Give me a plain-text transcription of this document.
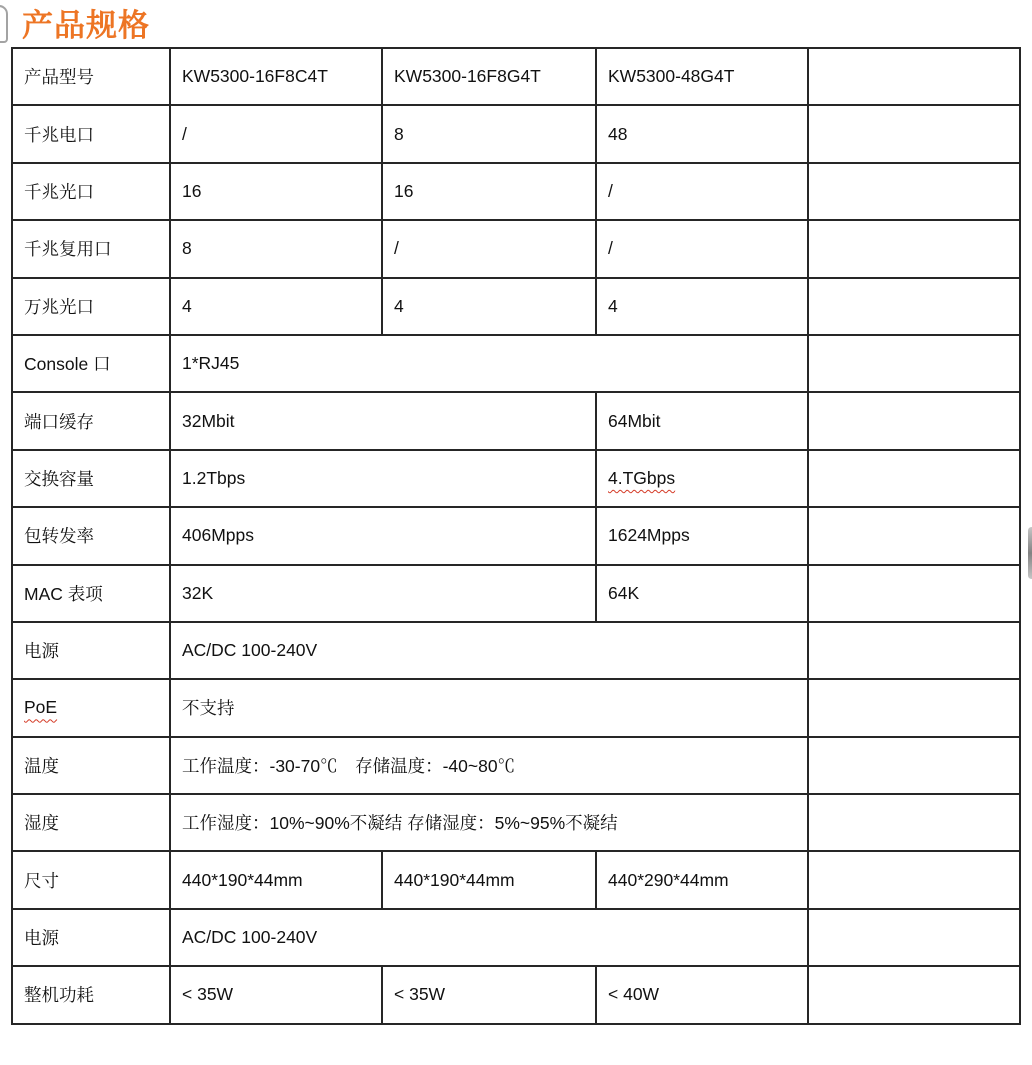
产品规格
产品型号	KW5300-16F8C4T	KW5300-16F8G4T	KW5300-48G4T	
千兆电口	/	8	48	
千兆光口	16	16	/	
千兆复用口	8	/	/	
万兆光口	4	4	4	
Console 口	1*RJ45			
端口缓存	32Mbit		64Mbit	
交换容量	1.2Tbps		4.TGbps	
包转发率	406Mpps		1624Mpps	
MAC 表项	32K		64K	
电源	AC/DC 100-240V			
PoE	不支持			
温度	工作温度：-30-70℃　存储温度：-40~80℃			
湿度	工作湿度：10%~90%不凝结 存储湿度：5%~95%不凝结			
尺寸	440*190*44mm	440*190*44mm	440*290*44mm	
电源	AC/DC 100-240V			
整机功耗	< 35W	< 35W	< 40W	
